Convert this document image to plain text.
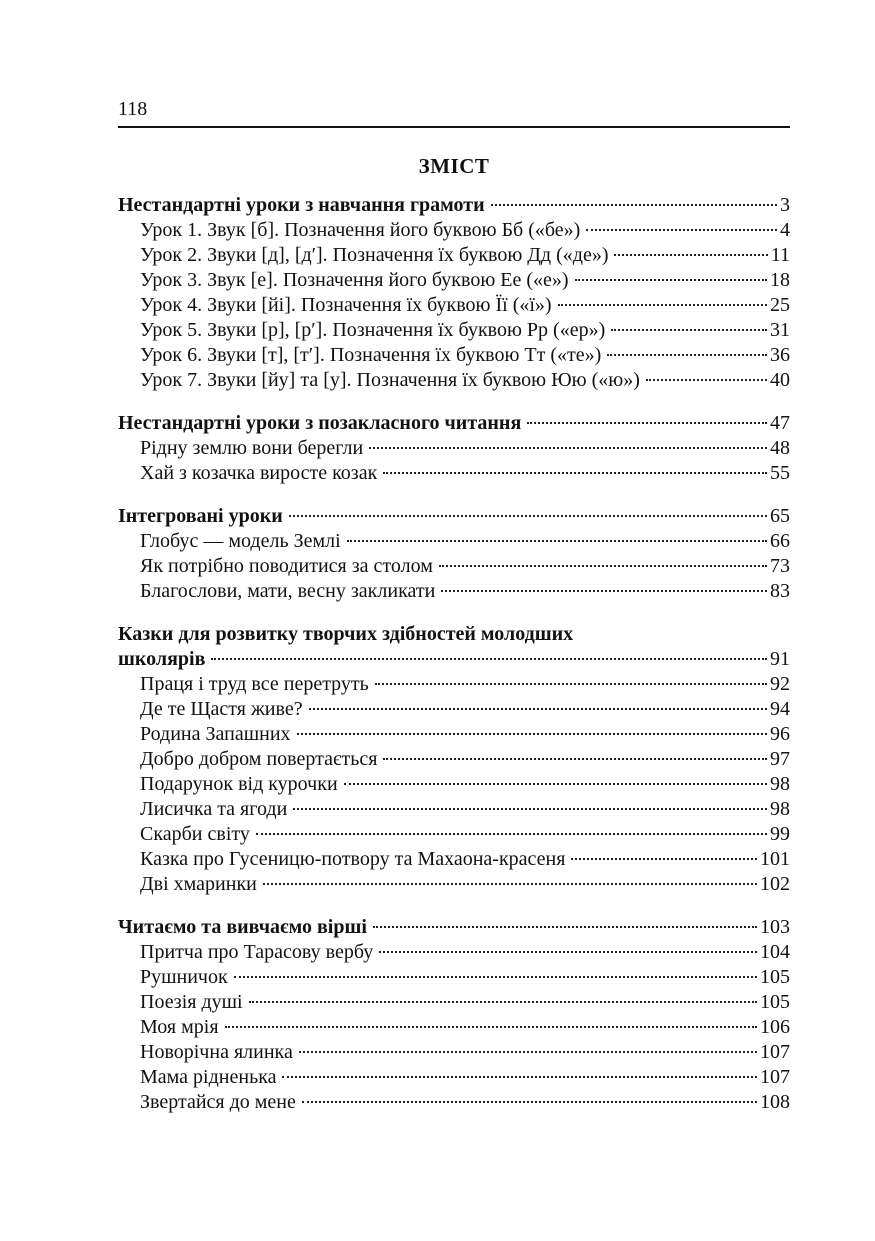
118
ЗМІСТ
Нестандартні уроки з навчання грамоти	3
Урок 1. Звук [б]. Позначення його буквою Бб («бе»)	4
Урок 2. Звуки [д], [д′]. Позначення їх буквою Дд («де»)	11
Урок 3. Звук [е]. Позначення його буквою Ее («е»)	18
Урок 4. Звуки [йі]. Позначення їх буквою Її («ї»)	25
Урок 5. Звуки [р], [р′]. Позначення їх буквою Рр («ер»)	31
Урок 6. Звуки [т], [т′]. Позначення їх буквою Тт («те»)	36
Урок 7. Звуки [йу] та [у]. Позначення їх буквою Юю («ю»)	40
Нестандартні уроки з позакласного читання	47
Рідну землю вони берегли	48
Хай з козачка виросте козак	55
Інтегровані уроки	65
Глобус — модель Землі	66
Як потрібно поводитися за столом	73
Благослови, мати, весну закликати	83
Казки для розвитку творчих здібностей молодших
школярів	91
Праця і труд все перетруть	92
Де те Щастя живе?	94
Родина Запашних	96
Добро добром повертається	97
Подарунок від курочки	98
Лисичка та ягоди	98
Скарби світу	99
Казка про Гусеницю-потвору та Махаона-красеня	101
Дві хмаринки	102
Читаємо та вивчаємо вірші	103
Притча про Тарасову вербу	104
Рушничок	105
Поезія душі	105
Моя мрія	106
Новорічна ялинка	107
Мама рідненька	107
Звертайся до мене	108
